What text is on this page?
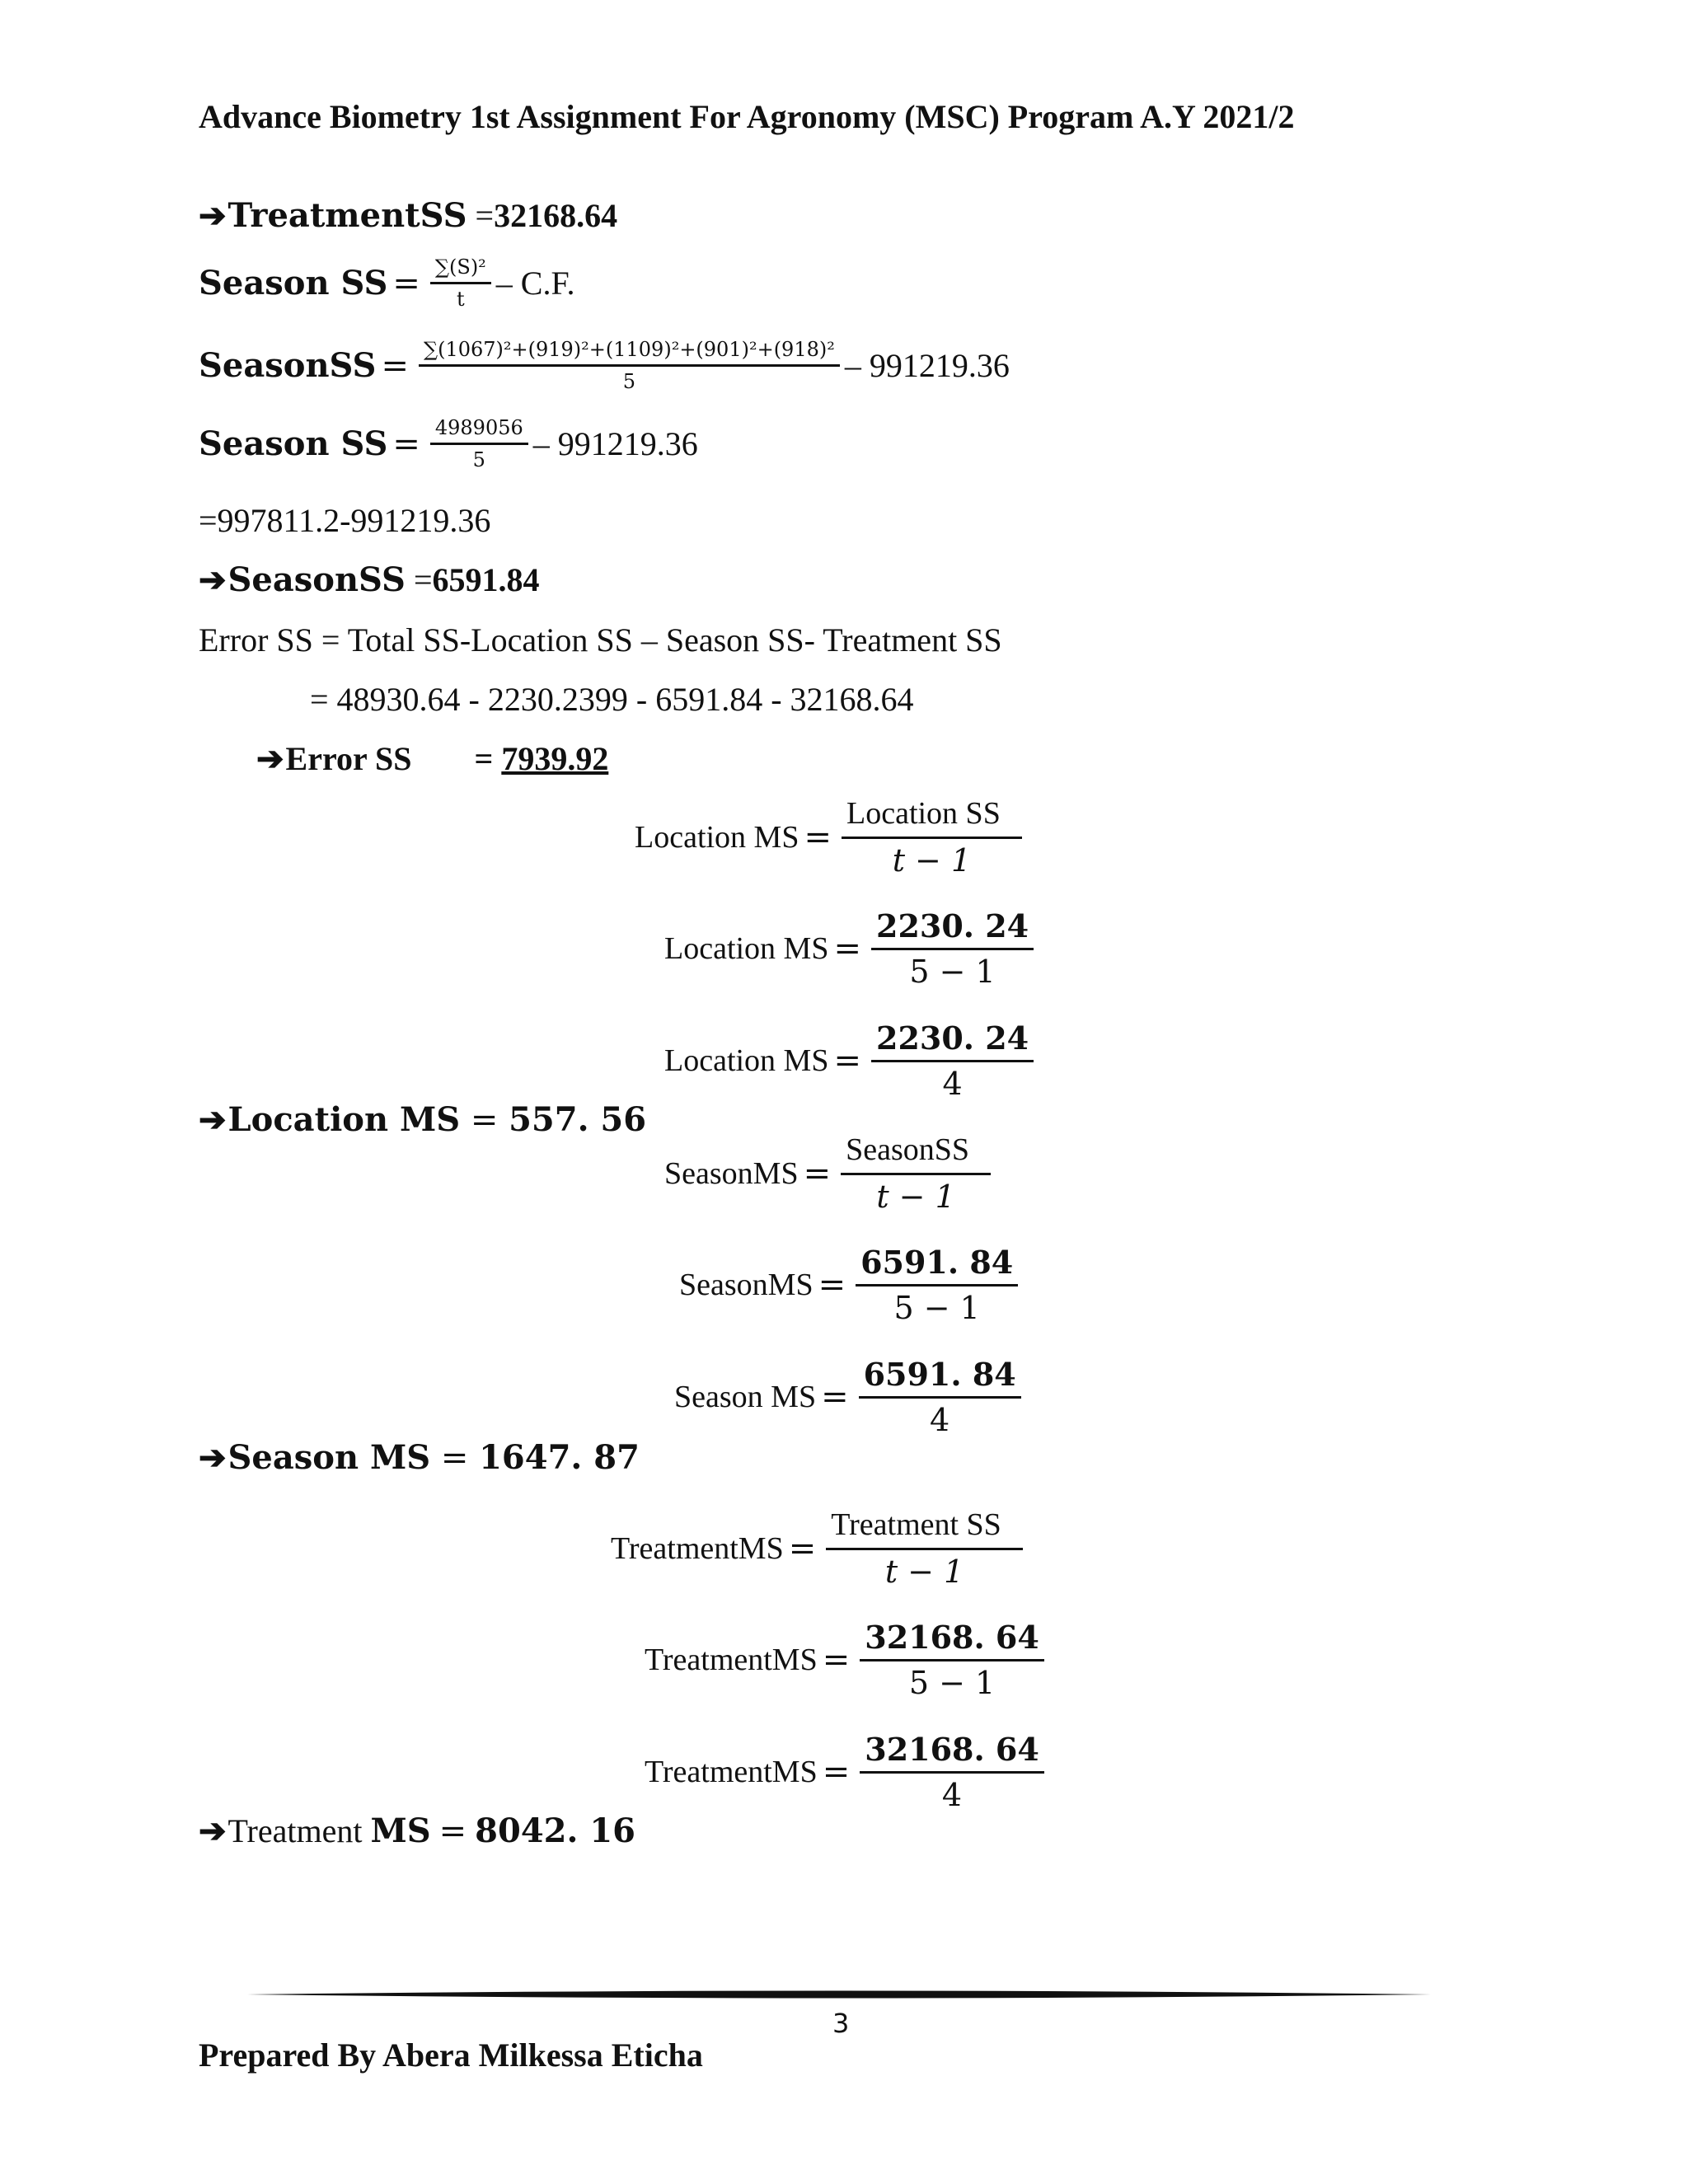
Advance Biometry 1st Assignment For Agronomy (MSC) Program A.Y 2021/2
➔TreatmentSS =32168.64
Season SS = $\frac{\text{∑(S)²}}{t} - C.F$.
SeasonSS = $\frac{\text{∑(1067)²+(919)²+(1109)²+(901)²+(918)²}}{5} - 991219.36$
Season SS = $\frac{4989056}{5} - 991219.36$
=997811.2-991219.36
➔SeasonSS =6591.84
Error SS = Total SS-Location SS – Season SS- Treatment SS
= 48930.64 - 2230.2399 - 6591.84 - 32168.64
➔Error SS = 7939.92
Location MS = $\frac{\text{Location SS}}{t - 1}$
Location MS = $\frac{2230. 24}{5 - 1}$
Location MS = $\frac{2230. 24}{4}$
➔Location MS = 557. 56
SeasonMS = $\frac{\text{SeasonSS}}{t - 1}$
SeasonMS = $\frac{6591. 84}{5 - 1}$
Season MS = $\frac{6591. 84}{4}$
➔Season MS = 1647. 87
TreatmentMS = $\frac{\text{Treatment SS}}{t - 1}$
TreatmentMS = $\frac{32168. 64}{5 - 1}$
TreatmentMS = $\frac{32168. 64}{4}$
➔Treatment MS = 8042. 16
3
Prepared By Abera Milkessa Eticha
